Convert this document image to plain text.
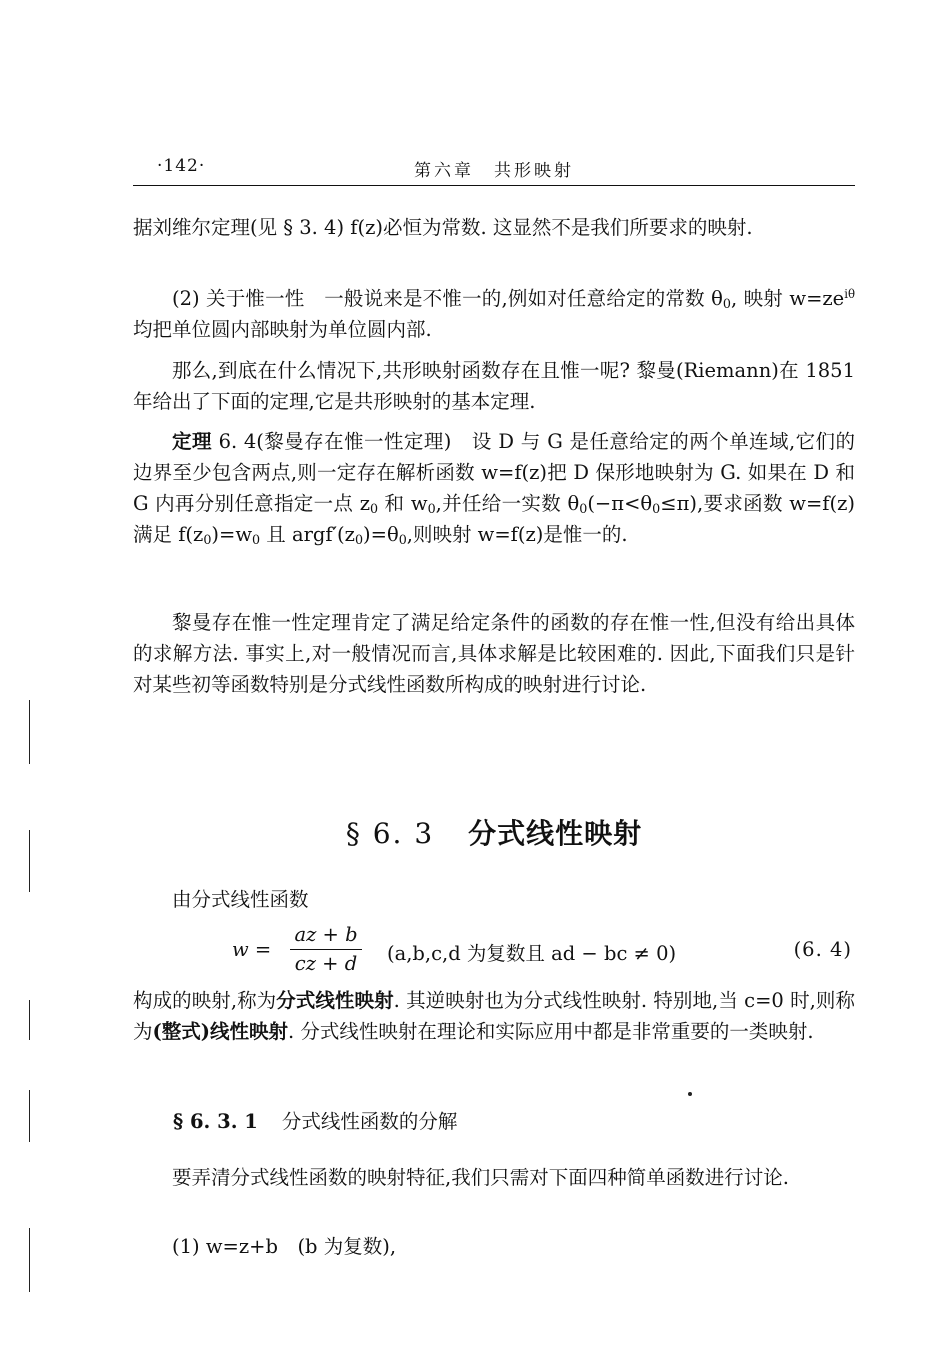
·142·	第六章　共形映射

据刘维尔定理(见 § 3. 4) f(z)必恒为常数. 这显然不是我们所要求的映射.

(2) 关于惟一性　 一般说来是不惟一的,例如对任意给定的常数 $\theta_0$, 映射 $w=ze^{i\theta}$均把单位圆内部映射为单位圆内部.

那么,到底在什么情况下,共形映射函数存在且惟一呢? 黎曼(Riemann)在 1851 年给出了下面的定理,它是共形映射的基本定理.

定理 6. 4(黎曼存在惟一性定理)　 设 D 与 G 是任意给定的两个单连域,它们的边界至少包含两点,则一定存在解析函数 w=f(z)把 D 保形地映射为 G. 如果在 D 和 G 内再分别任意指定一点 $z_0$ 和 $w_0$,并任给一实数 $\theta_0(-\pi<\theta_0\le\pi)$,要求函数 w=f(z)满足 $f(z_0)=w_0$ 且 $argf'(z_0)=\theta_0$,则映射 w=f(z)是惟一的.

黎曼存在惟一性定理肯定了满足给定条件的函数的存在惟一性,但没有给出具体的求解方法. 事实上,对一般情况而言,具体求解是比较困难的. 因此,下面我们只是针对某些初等函数特别是分式线性函数所构成的映射进行讨论.

§ 6. 3 分式线性映射

由分式线性函数

w =
az + b
cz + d (a,b,c,d 为复数且 ad − bc ≠ 0)	(6. 4)

构成的映射,称为分式线性映射. 其逆映射也为分式线性映射. 特别地,当 c=0 时,则称为(整式)线性映射. 分式线性映射在理论和实际应用中都是非常重要的一类映射.

§ 6. 3. 1 分式线性函数的分解

要弄清分式线性函数的映射特征,我们只需对下面四种简单函数进行讨论.

(1) w=z+b　(b 为复数),
